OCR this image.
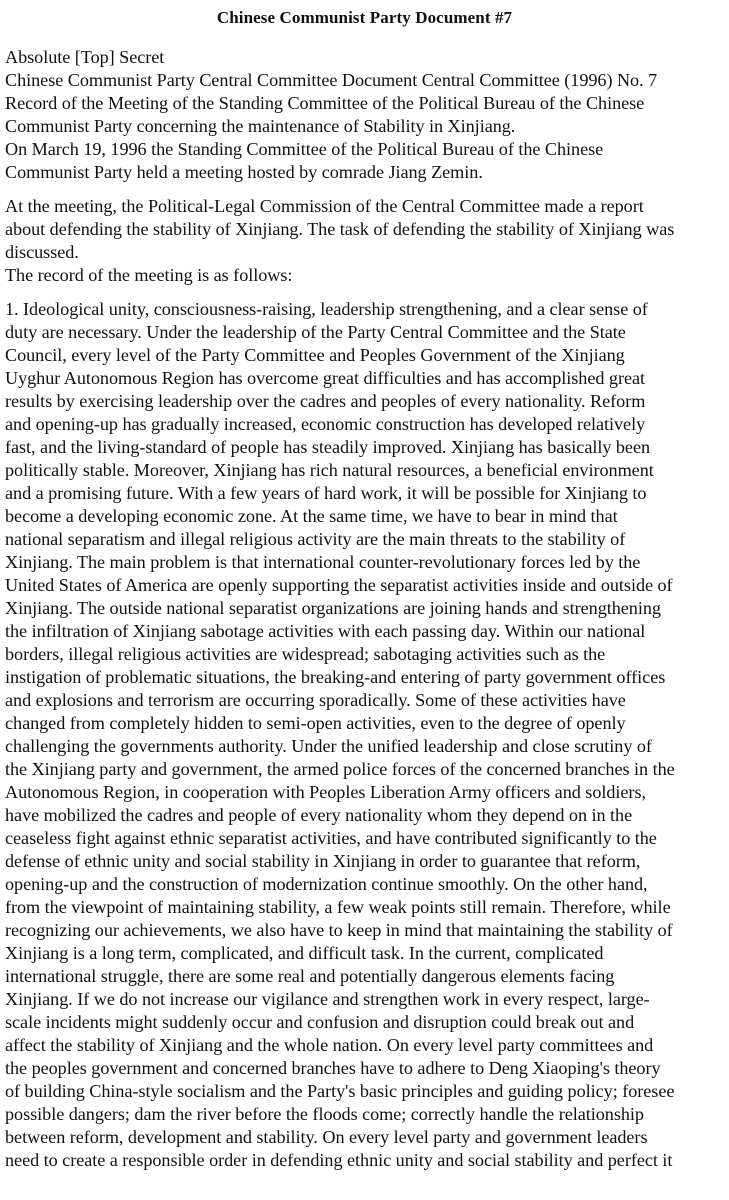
Chinese Communist Party Document #7
Absolute [Top] Secret
Chinese Communist Party Central Committee Document Central Committee (1996) No. 7
Record of the Meeting of the Standing Committee of the Political Bureau of the Chinese
Communist Party concerning the maintenance of Stability in Xinjiang.
On March 19, 1996 the Standing Committee of the Political Bureau of the Chinese
Communist Party held a meeting hosted by comrade Jiang Zemin.
At the meeting, the Political-Legal Commission of the Central Committee made a report
about defending the stability of Xinjiang. The task of defending the stability of Xinjiang was
discussed.
The record of the meeting is as follows:
1. Ideological unity, consciousness-raising, leadership strengthening, and a clear sense of
duty are necessary. Under the leadership of the Party Central Committee and the State
Council, every level of the Party Committee and Peoples Government of the Xinjiang
Uyghur Autonomous Region has overcome great difficulties and has accomplished great
results by exercising leadership over the cadres and peoples of every nationality. Reform
and opening-up has gradually increased, economic construction has developed relatively
fast, and the living-standard of people has steadily improved. Xinjiang has basically been
politically stable. Moreover, Xinjiang has rich natural resources, a beneficial environment
and a promising future. With a few years of hard work, it will be possible for Xinjiang to
become a developing economic zone. At the same time, we have to bear in mind that
national separatism and illegal religious activity are the main threats to the stability of
Xinjiang. The main problem is that international counter-revolutionary forces led by the
United States of America are openly supporting the separatist activities inside and outside of
Xinjiang. The outside national separatist organizations are joining hands and strengthening
the infiltration of Xinjiang sabotage activities with each passing day. Within our national
borders, illegal religious activities are widespread; sabotaging activities such as the
instigation of problematic situations, the breaking-and entering of party government offices
and explosions and terrorism are occurring sporadically. Some of these activities have
changed from completely hidden to semi-open activities, even to the degree of openly
challenging the governments authority. Under the unified leadership and close scrutiny of
the Xinjiang party and government, the armed police forces of the concerned branches in the
Autonomous Region, in cooperation with Peoples Liberation Army officers and soldiers,
have mobilized the cadres and people of every nationality whom they depend on in the
ceaseless fight against ethnic separatist activities, and have contributed significantly to the
defense of ethnic unity and social stability in Xinjiang in order to guarantee that reform,
opening-up and the construction of modernization continue smoothly. On the other hand,
from the viewpoint of maintaining stability, a few weak points still remain. Therefore, while
recognizing our achievements, we also have to keep in mind that maintaining the stability of
Xinjiang is a long term, complicated, and difficult task. In the current, complicated
international struggle, there are some real and potentially dangerous elements facing
Xinjiang. If we do not increase our vigilance and strengthen work in every respect, large-
scale incidents might suddenly occur and confusion and disruption could break out and
affect the stability of Xinjiang and the whole nation. On every level party committees and
the peoples government and concerned branches have to adhere to Deng Xiaoping's theory
of building China-style socialism and the Party's basic principles and guiding policy; foresee
possible dangers; dam the river before the floods come; correctly handle the relationship
between reform, development and stability. On every level party and government leaders
need to create a responsible order in defending ethnic unity and social stability and perfect it
